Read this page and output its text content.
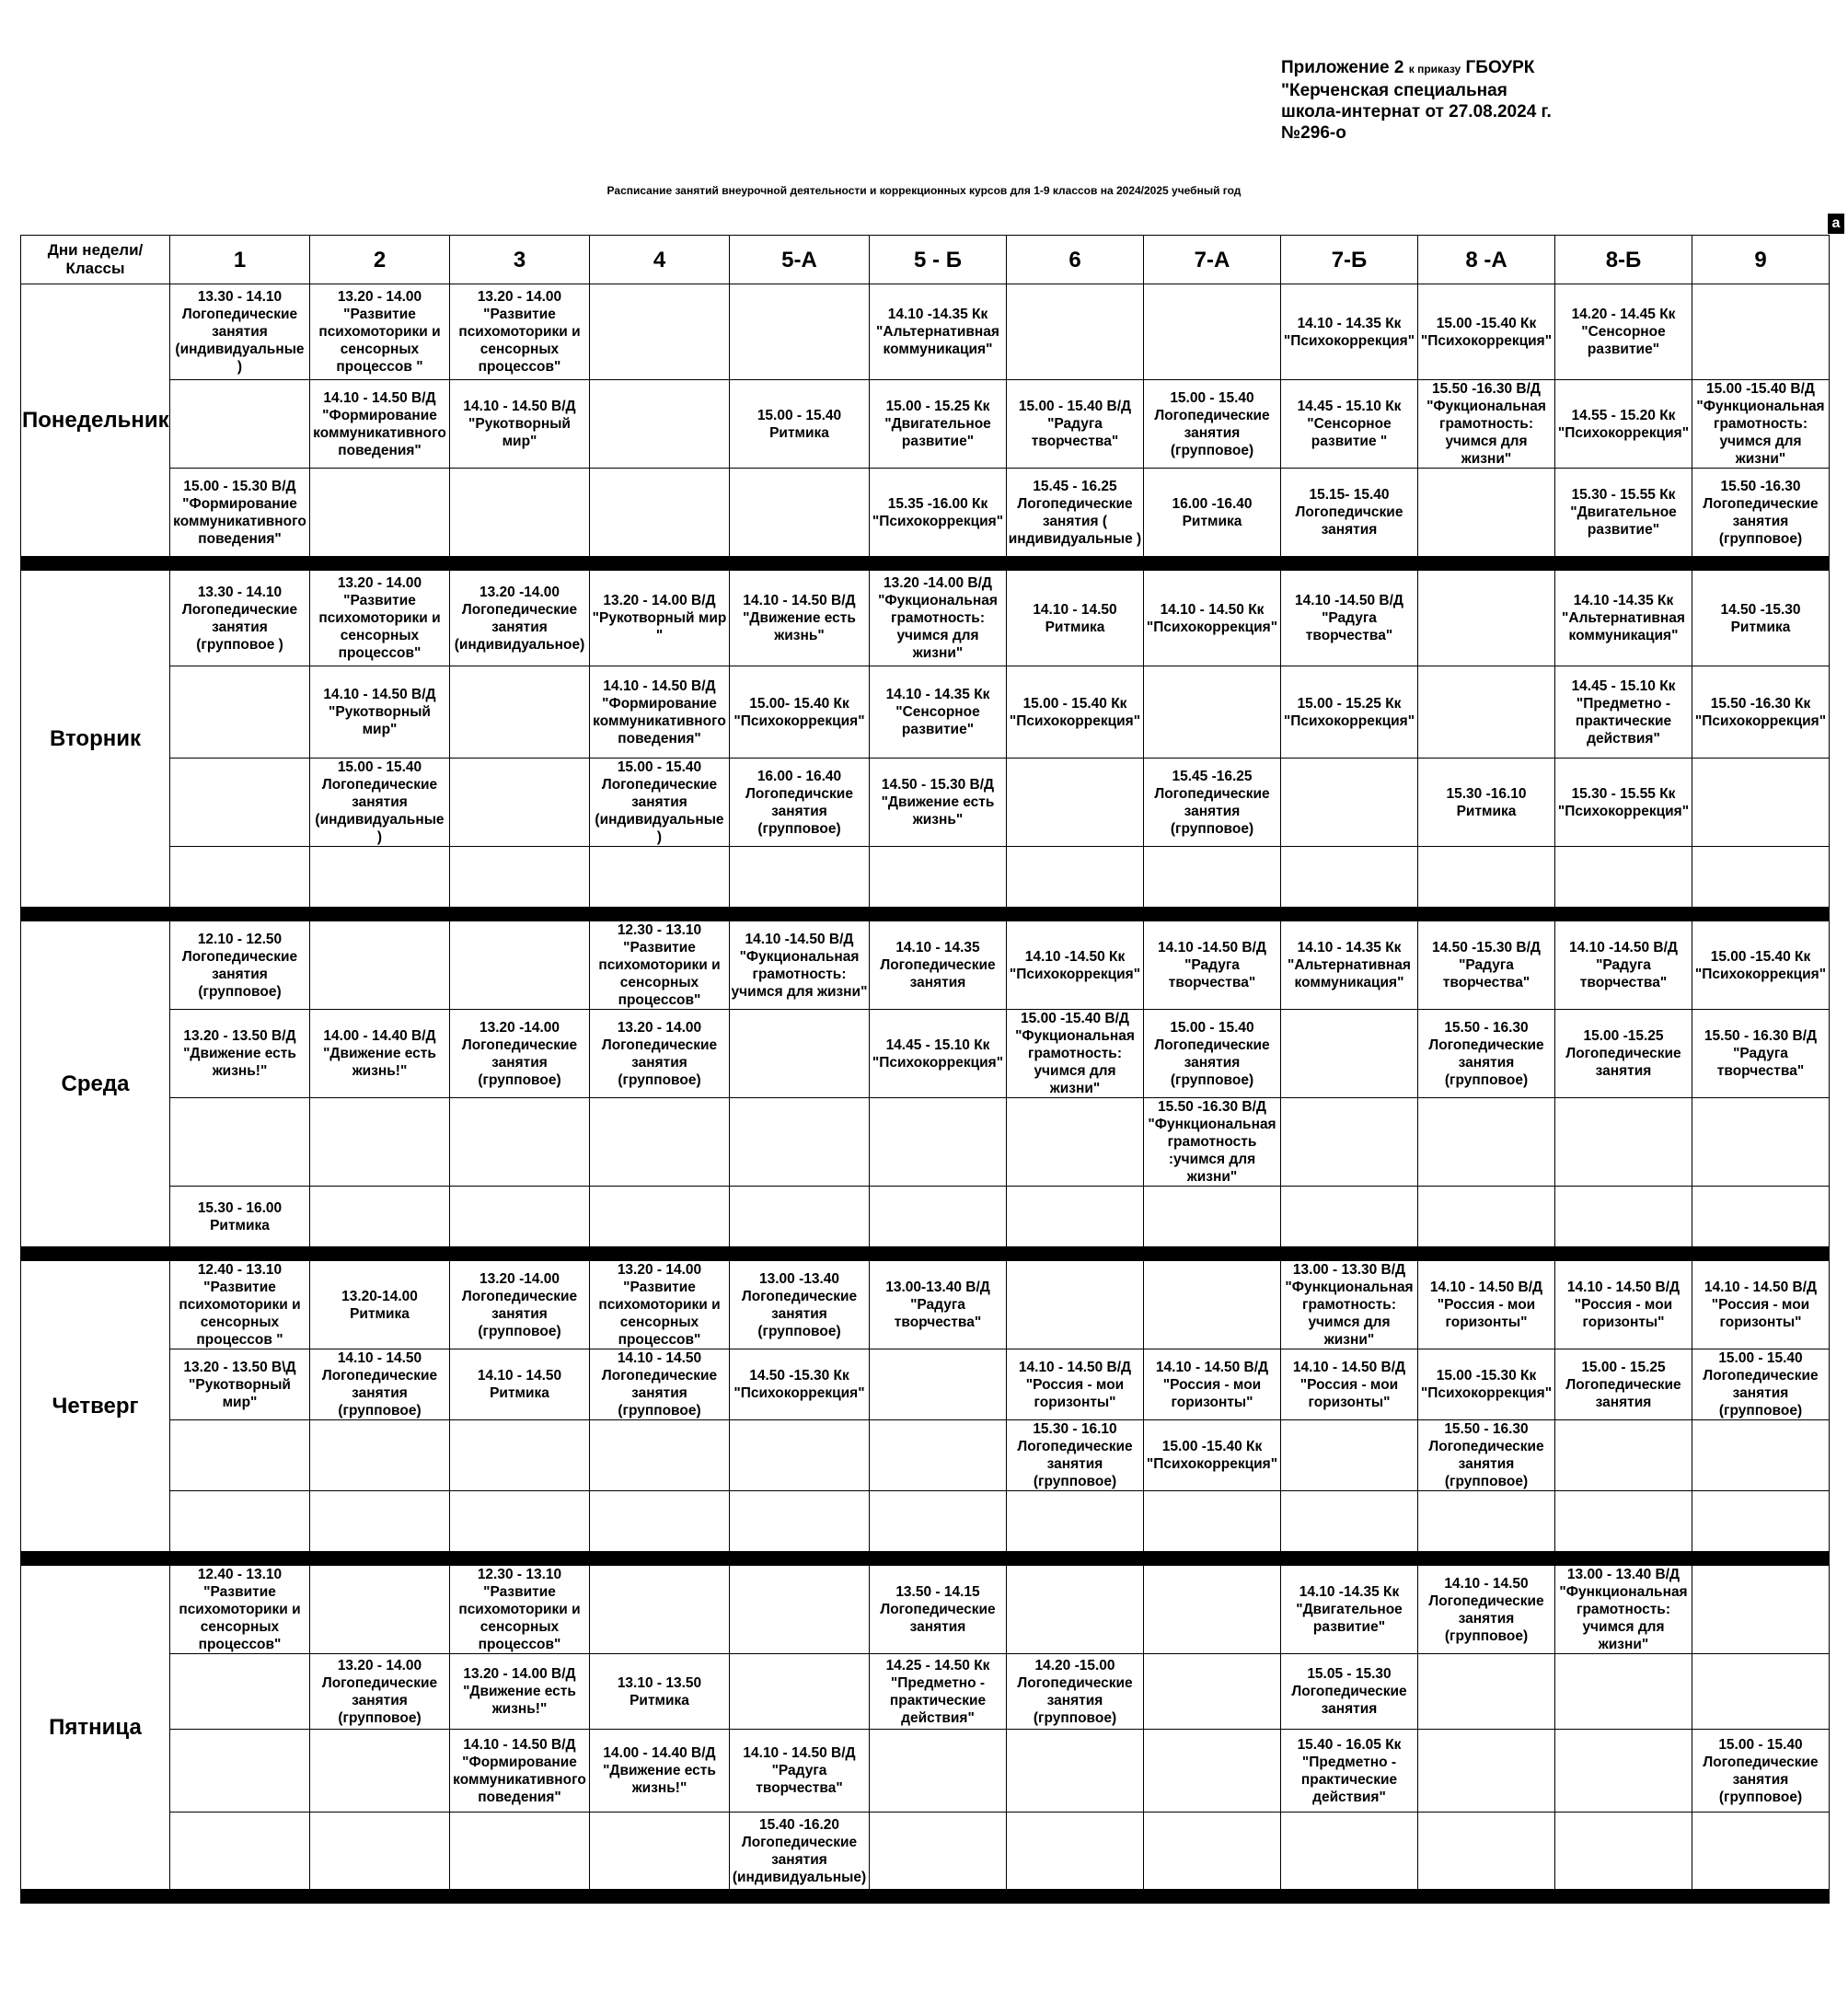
Приложение 2 к приказу ГБОУРК
"Керченская специальная
школа-интернат от 27.08.2024 г.
№296-о
Расписание занятий внеурочной деятельности и коррекционных курсов для 1-9 классов на 2024/2025 учебный год
a
Дни недели/Классы	1	2	3	4	5-А	5 - Б	6	7-А	7-Б	8 -А	8-Б	9
Понедельник	13.30 - 14.10 Логопедические занятия (индивидуальные )	13.20 - 14.00 "Развитие психомоторики и сенсорных процессов "	13.20 - 14.00 "Развитие психомоторики и сенсорных процессов"			14.10 -14.35 Кк "Альтернативная коммуникация"			14.10 - 14.35 Кк "Психокоррекция"	15.00 -15.40 Кк "Психокоррекция"	14.20 - 14.45 Кк "Сенсорное развитие"	
		14.10 - 14.50 В/Д "Формирование коммуникативного поведения"	14.10 - 14.50 В/Д "Рукотворный мир"		15.00 - 15.40 Ритмика	15.00 - 15.25 Кк "Двигательное развитие"	15.00 - 15.40 В/Д "Радуга творчества"	15.00 - 15.40 Логопедические занятия (групповое)	14.45 - 15.10 Кк "Сенсорное развитие "	15.50 -16.30 В/Д "Фукциональная грамотность: учимся для жизни"	14.55 - 15.20 Кк "Психокоррекция"	15.00 -15.40 В/Д "Функциональная грамотность: учимся для жизни"
	15.00 - 15.30 В/Д "Формирование коммуникативного поведения"					15.35 -16.00 Кк "Психокоррекция"	15.45 - 16.25 Логопедические занятия ( индивидуальные )	16.00 -16.40 Ритмика	15.15- 15.40 Логопедичские занятия		15.30 - 15.55 Кк "Двигательное развитие"	15.50 -16.30 Логопедические занятия (групповое)

Вторник	13.30 - 14.10 Логопедические занятия (групповое )	13.20 - 14.00 "Развитие психомоторики и сенсорных процессов"	13.20 -14.00 Логопедические занятия (индивидуальное)	13.20 - 14.00 В/Д "Рукотворный мир "	14.10 - 14.50 В/Д "Движение есть жизнь"	13.20 -14.00 В/Д "Фукциональная грамотность: учимся для жизни"	14.10 - 14.50 Ритмика	14.10 - 14.50 Кк "Психокоррекция"	14.10 -14.50 В/Д "Радуга творчества"		14.10 -14.35 Кк "Альтернативная коммуникация"	14.50 -15.30 Ритмика
		14.10 - 14.50 В/Д "Рукотворный мир"		14.10 - 14.50 В/Д "Формирование коммуникативного поведения"	15.00- 15.40 Кк "Психокоррекция"	14.10 - 14.35 Кк "Сенсорное развитие"	15.00 - 15.40 Кк "Психокоррекция"		15.00 - 15.25 Кк "Психокоррекция"		14.45 - 15.10 Кк "Предметно - практические действия"	15.50 -16.30 Кк "Психокоррекция"
		15.00 - 15.40 Логопедические занятия (индивидуальные )		15.00 - 15.40 Логопедические занятия (индивидуальные )	16.00 - 16.40 Логопедичские занятия (групповое)	14.50 - 15.30 В/Д "Движение есть жизнь"		15.45 -16.25 Логопедические занятия (групповое)		15.30 -16.10 Ритмика	15.30 - 15.55 Кк "Психокоррекция"	

Среда	12.10 - 12.50 Логопедические занятия (групповое)			12.30 - 13.10 "Развитие психомоторики и сенсорных процессов"	14.10 -14.50 В/Д "Фукциональная грамотность: учимся для жизни"	14.10 - 14.35 Логопедические занятия	14.10 -14.50 Кк "Психокоррекция"	14.10 -14.50 В/Д "Радуга творчества"	14.10 - 14.35 Кк "Альтернативная коммуникация"	14.50 -15.30 В/Д "Радуга творчества"	14.10 -14.50 В/Д "Радуга творчества"	15.00 -15.40 Кк "Психокоррекция"
	13.20 - 13.50 В/Д "Движение есть жизнь!"	14.00 - 14.40 В/Д "Движение есть жизнь!"	13.20 -14.00 Логопедические занятия (групповое)	13.20 - 14.00 Логопедические занятия (групповое)		14.45 - 15.10 Кк "Психокоррекция"	15.00 -15.40 В/Д "Фукциональная грамотность: учимся для жизни"	15.00 - 15.40 Логопедические занятия (групповое)		15.50 - 16.30 Логопедические занятия (групповое)	15.00 -15.25 Логопедические занятия	15.50 - 16.30 В/Д "Радуга творчества"
								15.50 -16.30 В/Д "Функциональная грамотность :учимся для жизни"				
	15.30 - 16.00 Ритмика											

Четверг	12.40 - 13.10 "Развитие психомоторики и сенсорных процессов "	13.20-14.00 Ритмика	13.20 -14.00 Логопедические занятия (групповое)	13.20 - 14.00 "Развитие психомоторики и сенсорных процессов"	13.00 -13.40 Логопедические занятия (групповое)	13.00-13.40 В/Д "Радуга творчества"			13.00 - 13.30 В/Д "Функциональная грамотность: учимся для жизни"	14.10 - 14.50 В/Д "Россия - мои горизонты"	14.10 - 14.50 В/Д "Россия - мои горизонты"	14.10 - 14.50 В/Д "Россия - мои горизонты"
	13.20 - 13.50 В\Д "Рукотворный мир"	14.10 - 14.50 Логопедические занятия (групповое)	14.10 - 14.50 Ритмика	14.10 - 14.50 Логопедические занятия (групповое)	14.50 -15.30 Кк "Психокоррекция"		14.10 - 14.50 В/Д "Россия - мои горизонты"	14.10 - 14.50 В/Д "Россия - мои горизонты"	14.10 - 14.50 В/Д "Россия - мои горизонты"	15.00 -15.30 Кк "Психокоррекция"	15.00 - 15.25 Логопедические занятия	15.00 - 15.40 Логопедические занятия (групповое)
							15.30 - 16.10 Логопедические занятия (групповое)	15.00 -15.40 Кк "Психокоррекция"		15.50 - 16.30 Логопедические занятия (групповое)		

Пятница	12.40 - 13.10 "Развитие психомоторики и сенсорных процессов"		12.30 - 13.10 "Развитие психомоторики и сенсорных процессов"			13.50 - 14.15 Логопедические занятия			14.10 -14.35 Кк "Двигательное развитие"	14.10 - 14.50 Логопедические занятия (групповое)	13.00 - 13.40 В/Д "Функциональная грамотность: учимся для жизни"	
		13.20 - 14.00 Логопедические занятия (групповое)	13.20 - 14.00 В/Д "Движение есть жизнь!"	13.10 - 13.50 Ритмика		14.25 - 14.50 Кк "Предметно - практические действия"	14.20 -15.00 Логопедические занятия (групповое)		15.05 - 15.30 Логопедические занятия			
			14.10 - 14.50 В/Д "Формирование коммуникативного поведения"	14.00 - 14.40 В/Д "Движение есть жизнь!"	14.10 - 14.50 В/Д "Радуга творчества"				15.40 - 16.05 Кк "Предметно - практические действия"			15.00 - 15.40 Логопедические занятия (групповое)
					15.40 -16.20 Логопедические занятия (индивидуальные)							
